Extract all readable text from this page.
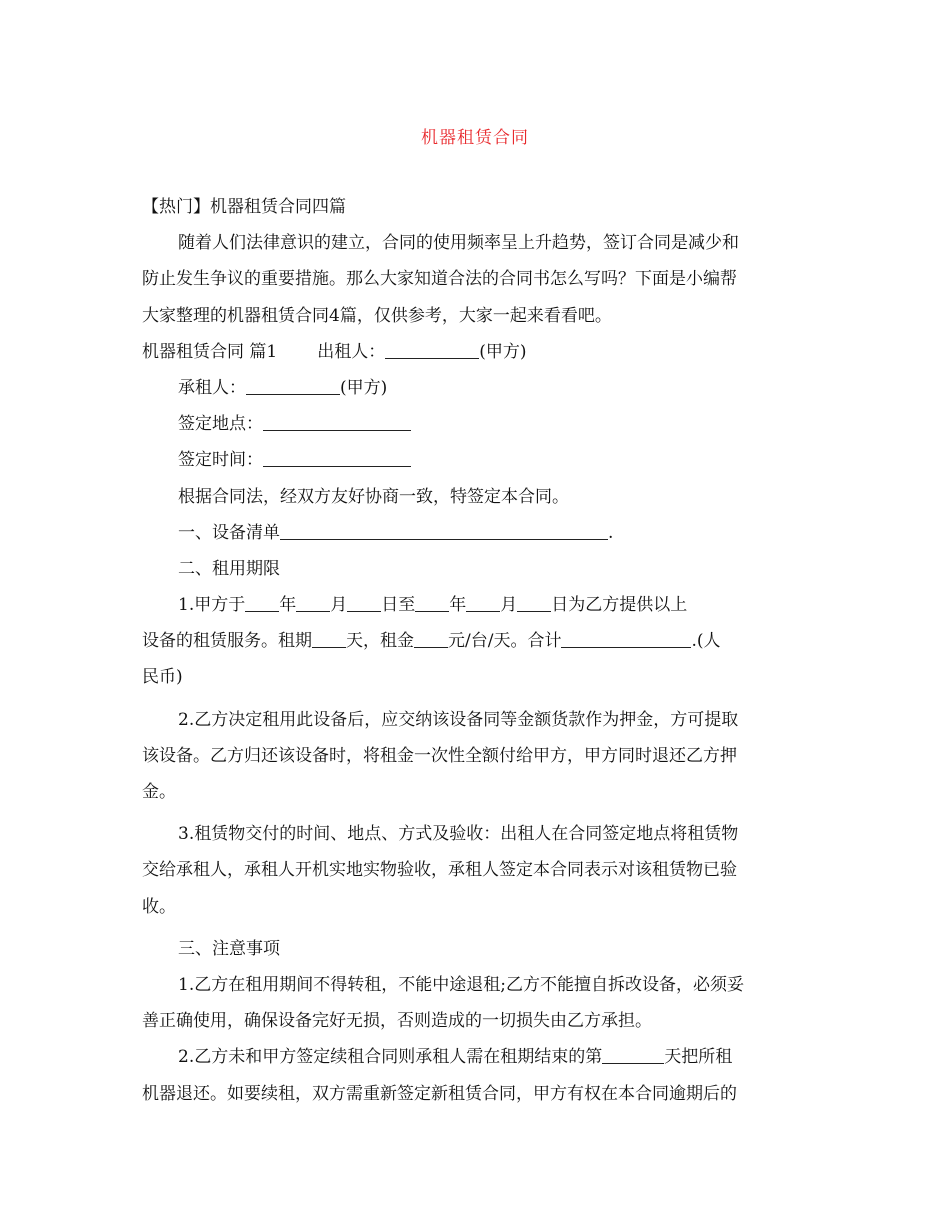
机器租赁合同
【热门】机器租赁合同四篇
随着人们法律意识的建立，合同的使用频率呈上升趋势，签订合同是减少和
防止发生争议的重要措施。那么大家知道合法的合同书怎么写吗？下面是小编帮
大家整理的机器租赁合同4篇，仅供参考，大家一起来看看吧。
机器租赁合同 篇1 出租人：	(甲方)
承租人：	(甲方)
签定地点：
签定时间：
根据合同法，经双方友好协商一致，特签定本合同。
一、设备清单	.
二、租用期限
1.甲方于 年 月 日至 年 月 日为乙方提供以上
设备的租赁服务。租期 天，租金 元/台/天。合计	.(人
民币)
2.乙方决定租用此设备后，应交纳该设备同等金额货款作为押金，方可提取
该设备。乙方归还该设备时，将租金一次性全额付给甲方，甲方同时退还乙方押
金。
3.租赁物交付的时间、地点、方式及验收：出租人在合同签定地点将租赁物
交给承租人，承租人开机实地实物验收，承租人签定本合同表示对该租赁物已验
收。
三、注意事项
1.乙方在租用期间不得转租，不能中途退租;乙方不能擅自拆改设备，必须妥
善正确使用，确保设备完好无损，否则造成的一切损失由乙方承担。
2.乙方未和甲方签定续租合同则承租人需在租期结束的第	天把所租
机器退还。如要续租，双方需重新签定新租赁合同，甲方有权在本合同逾期后的
